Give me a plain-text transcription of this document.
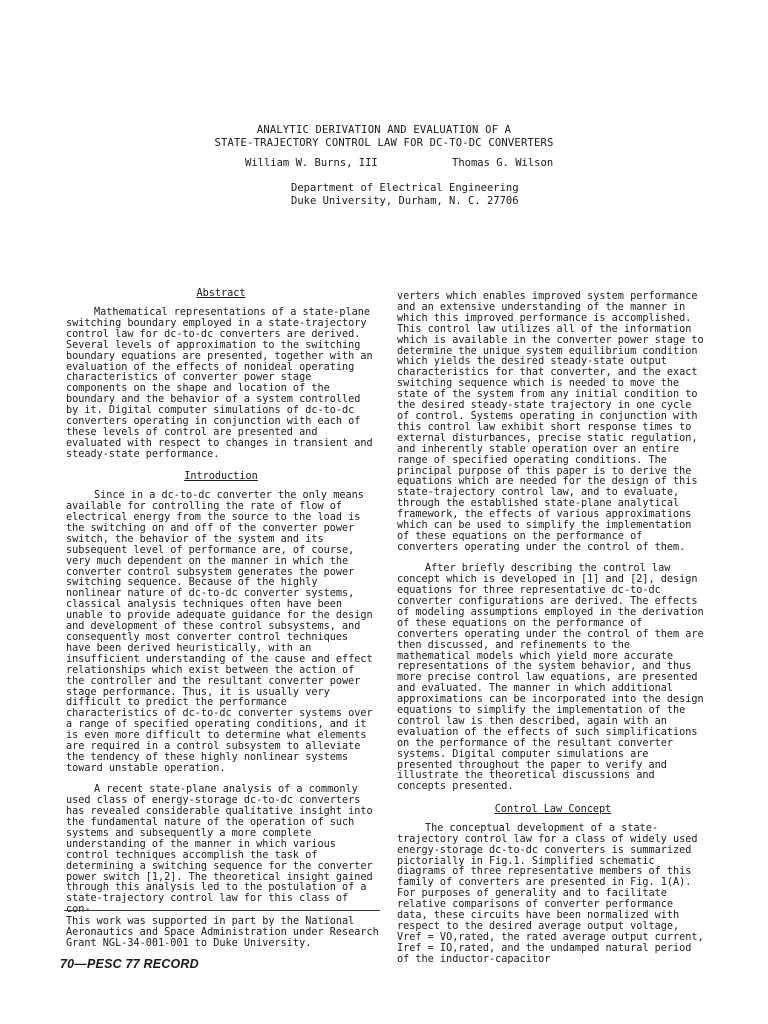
ANALYTIC DERIVATION AND EVALUATION OF A
STATE-TRAJECTORY CONTROL LAW FOR DC-TO-DC CONVERTERS
William W. Burns, III	Thomas G. Wilson
Department of Electrical Engineering
Duke University, Durham, N. C. 27706
Abstract

Mathematical representations of a state-plane switching boundary employed in a state-trajectory control law for dc-to-dc converters are derived. Several levels of approximation to the switching boundary equations are presented, together with an evaluation of the effects of nonideal operating characteristics of converter power stage components on the shape and location of the boundary and the behavior of a system controlled by it. Digital computer simulations of dc-to-dc converters operating in conjunction with each of these levels of control are presented and evaluated with respect to changes in transient and steady-state performance.

Introduction

Since in a dc-to-dc converter the only means available for controlling the rate of flow of electrical energy from the source to the load is the switching on and off of the converter power switch, the behavior of the system and its subsequent level of performance are, of course, very much dependent on the manner in which the converter control subsystem generates the power switching sequence. Because of the highly nonlinear nature of dc-to-dc converter systems, classical analysis techniques often have been unable to provide adequate guidance for the design and development of these control subsystems, and consequently most converter control techniques have been derived heuristically, with an insufficient understanding of the cause and effect relationships which exist between the action of the controller and the resultant converter power stage performance. Thus, it is usually very difficult to predict the performance characteristics of dc-to-dc converter systems over a range of specified operating conditions, and it is even more difficult to determine what elements are required in a control subsystem to alleviate the tendency of these highly nonlinear systems toward unstable operation.

A recent state-plane analysis of a commonly used class of energy-storage dc-to-dc converters has revealed considerable qualitative insight into the fundamental nature of the operation of such systems and subsequently a more complete understanding of the manner in which various control techniques accomplish the task of determining a switching sequence for the converter power switch [1,2]. The theoretical insight gained through this analysis led to the postulation of a state-trajectory control law for this class of con-

verters which enables improved system performance and an extensive understanding of the manner in which this improved performance is accomplished. This control law utilizes all of the information which is available in the converter power stage to determine the unique system equilibrium condition which yields the desired steady-state output characteristics for that converter, and the exact switching sequence which is needed to move the state of the system from any initial condition to the desired steady-state trajectory in one cycle of control. Systems operating in conjunction with this control law exhibit short response times to external disturbances, precise static regulation, and inherently stable operation over an entire range of specified operating conditions. The principal purpose of this paper is to derive the equations which are needed for the design of this state-trajectory control law, and to evaluate, through the established state-plane analytical framework, the effects of various approximations which can be used to simplify the implementation of these equations on the performance of converters operating under the control of them.

After briefly describing the control law concept which is developed in [1] and [2], design equations for three representative dc-to-dc converter configurations are derived. The effects of modeling assumptions employed in the derivation of these equations on the performance of converters operating under the control of them are then discussed, and refinements to the mathematical models which yield more accurate representations of the system behavior, and thus more precise control law equations, are presented and evaluated. The manner in which additional approximations can be incorporated into the design equations to simplify the implementation of the control law is then described, again with an evaluation of the effects of such simplifications on the performance of the resultant converter systems. Digital computer simulations are presented throughout the paper to verify and illustrate the theoretical discussions and concepts presented.

Control Law Concept

The conceptual development of a state-trajectory control law for a class of widely used energy-storage dc-to-dc converters is summarized pictorially in Fig.1. Simplified schematic diagrams of three representative members of this family of converters are presented in Fig. 1(A). For purposes of generality and to facilitate relative comparisons of converter performance data, these circuits have been normalized with respect to the desired average output voltage, Vref = VO,rated, the rated average output current, Iref = IO,rated, and the undamped natural period of the inductor-capacitor

This work was supported in part by the National Aeronautics and Space Administration under Research Grant NGL-34-001-001 to Duke University.
70—PESC 77 RECORD
